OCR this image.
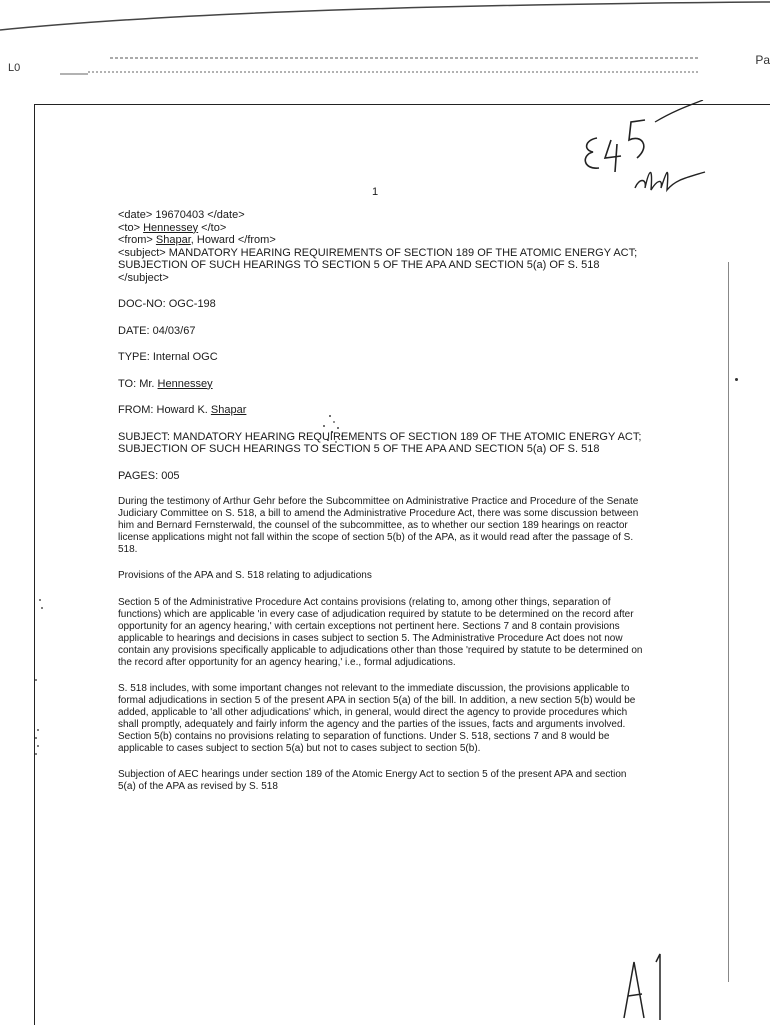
L0
Pa
E45 dd
A1
1

<date> 19670403 </date>

<to> Hennessey </to>

<from> Shapar, Howard </from>

<subject> MANDATORY HEARING REQUIREMENTS OF SECTION 189 OF THE ATOMIC ENERGY ACT; SUBJECTION OF SUCH HEARINGS TO SECTION 5 OF THE APA AND SECTION 5(a) OF S. 518 </subject>

DOC-NO: OGC-198

DATE: 04/03/67

TYPE: Internal OGC

TO: Mr. Hennessey

FROM: Howard K. Shapar

SUBJECT: MANDATORY HEARING REQUIREMENTS OF SECTION 189 OF THE ATOMIC ENERGY ACT; SUBJECTION OF SUCH HEARINGS TO SECTION 5 OF THE APA AND SECTION 5(a) OF S. 518

PAGES: 005

During the testimony of Arthur Gehr before the Subcommittee on Administrative Practice and Procedure of the Senate Judiciary Committee on S. 518, a bill to amend the Administrative Procedure Act, there was some discussion between him and Bernard Fernsterwald, the counsel of the subcommittee, as to whether our section 189 hearings on reactor license applications might not fall within the scope of section 5(b) of the APA, as it would read after the passage of S. 518.

Provisions of the APA and S. 518 relating to adjudications

Section 5 of the Administrative Procedure Act contains provisions (relating to, among other things, separation of functions) which are applicable 'in every case of adjudication required by statute to be determined on the record after opportunity for an agency hearing,' with certain exceptions not pertinent here. Sections 7 and 8 contain provisions applicable to hearings and decisions in cases subject to section 5. The Administrative Procedure Act does not now contain any provisions specifically applicable to adjudications other than those 'required by statute to be determined on the record after opportunity for an agency hearing,' i.e., formal adjudications.

S. 518 includes, with some important changes not relevant to the immediate discussion, the provisions applicable to formal adjudications in section 5 of the present APA in section 5(a) of the bill. In addition, a new section 5(b) would be added, applicable to 'all other adjudications' which, in general, would direct the agency to provide procedures which shall promptly, adequately and fairly inform the agency and the parties of the issues, facts and arguments involved. Section 5(b) contains no provisions relating to separation of functions. Under S. 518, sections 7 and 8 would be applicable to cases subject to section 5(a) but not to cases subject to section 5(b).

Subjection of AEC hearings under section 189 of the Atomic Energy Act to section 5 of the present APA and section 5(a) of the APA as revised by S. 518
